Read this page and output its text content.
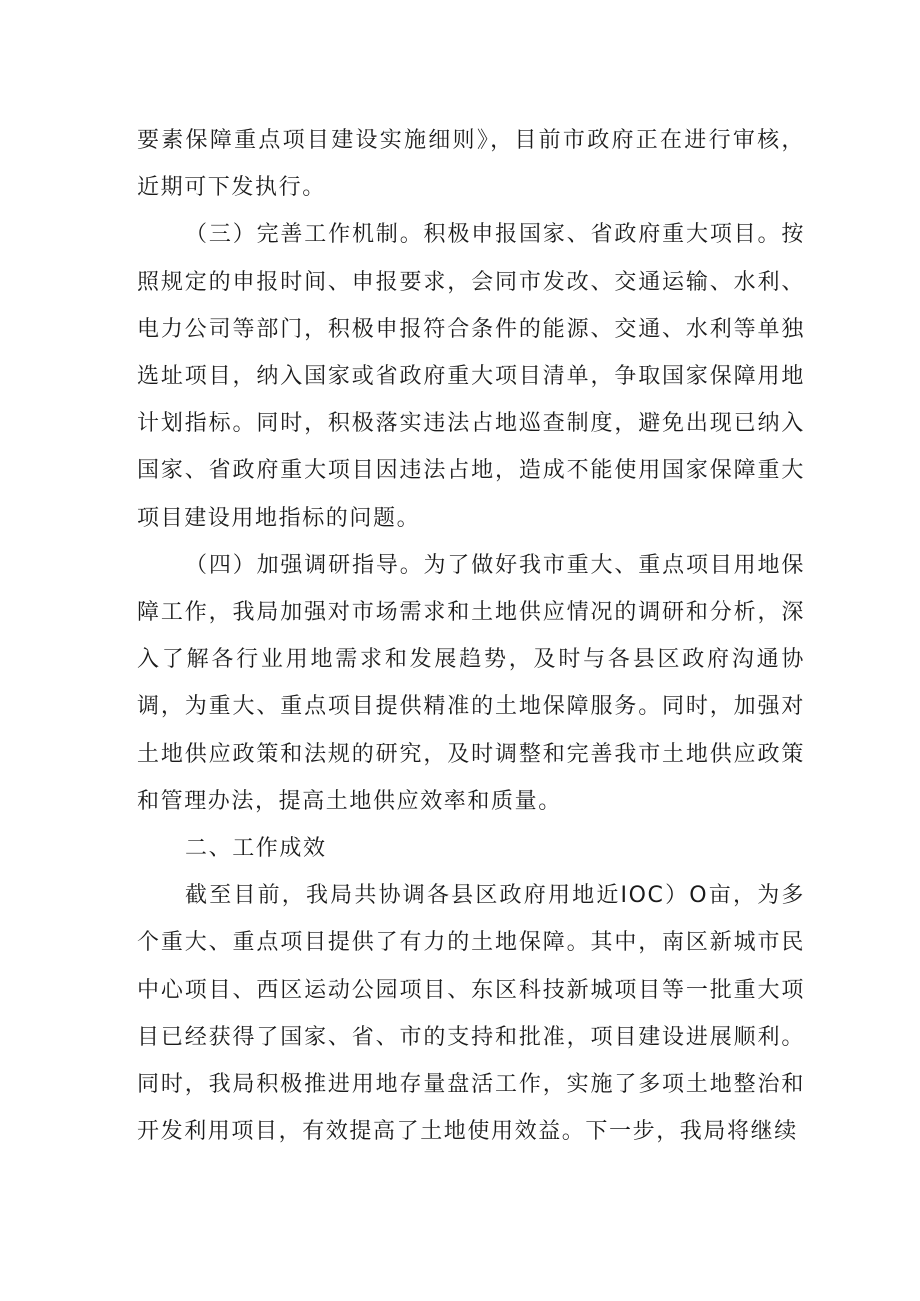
要素保障重点项目建设实施细则》，目前市政府正在进行审核，近期可下发执行。

（三）完善工作机制。积极申报国家、省政府重大项目。按照规定的申报时间、申报要求，会同市发改、交通运输、水利、电力公司等部门，积极申报符合条件的能源、交通、水利等单独选址项目，纳入国家或省政府重大项目清单，争取国家保障用地计划指标。同时，积极落实违法占地巡查制度，避免出现已纳入国家、省政府重大项目因违法占地，造成不能使用国家保障重大项目建设用地指标的问题。

（四）加强调研指导。为了做好我市重大、重点项目用地保障工作，我局加强对市场需求和土地供应情况的调研和分析，深入了解各行业用地需求和发展趋势，及时与各县区政府沟通协调，为重大、重点项目提供精准的土地保障服务。同时，加强对土地供应政策和法规的研究，及时调整和完善我市土地供应政策和管理办法，提高土地供应效率和质量。

二、工作成效

截至目前，我局共协调各县区政府用地近IOC）O亩，为多个重大、重点项目提供了有力的土地保障。其中，南区新城市民中心项目、西区运动公园项目、东区科技新城项目等一批重大项目已经获得了国家、省、市的支持和批准，项目建设进展顺利。同时，我局积极推进用地存量盘活工作，实施了多项土地整治和开发利用项目，有效提高了土地使用效益。下一步，我局将继续
